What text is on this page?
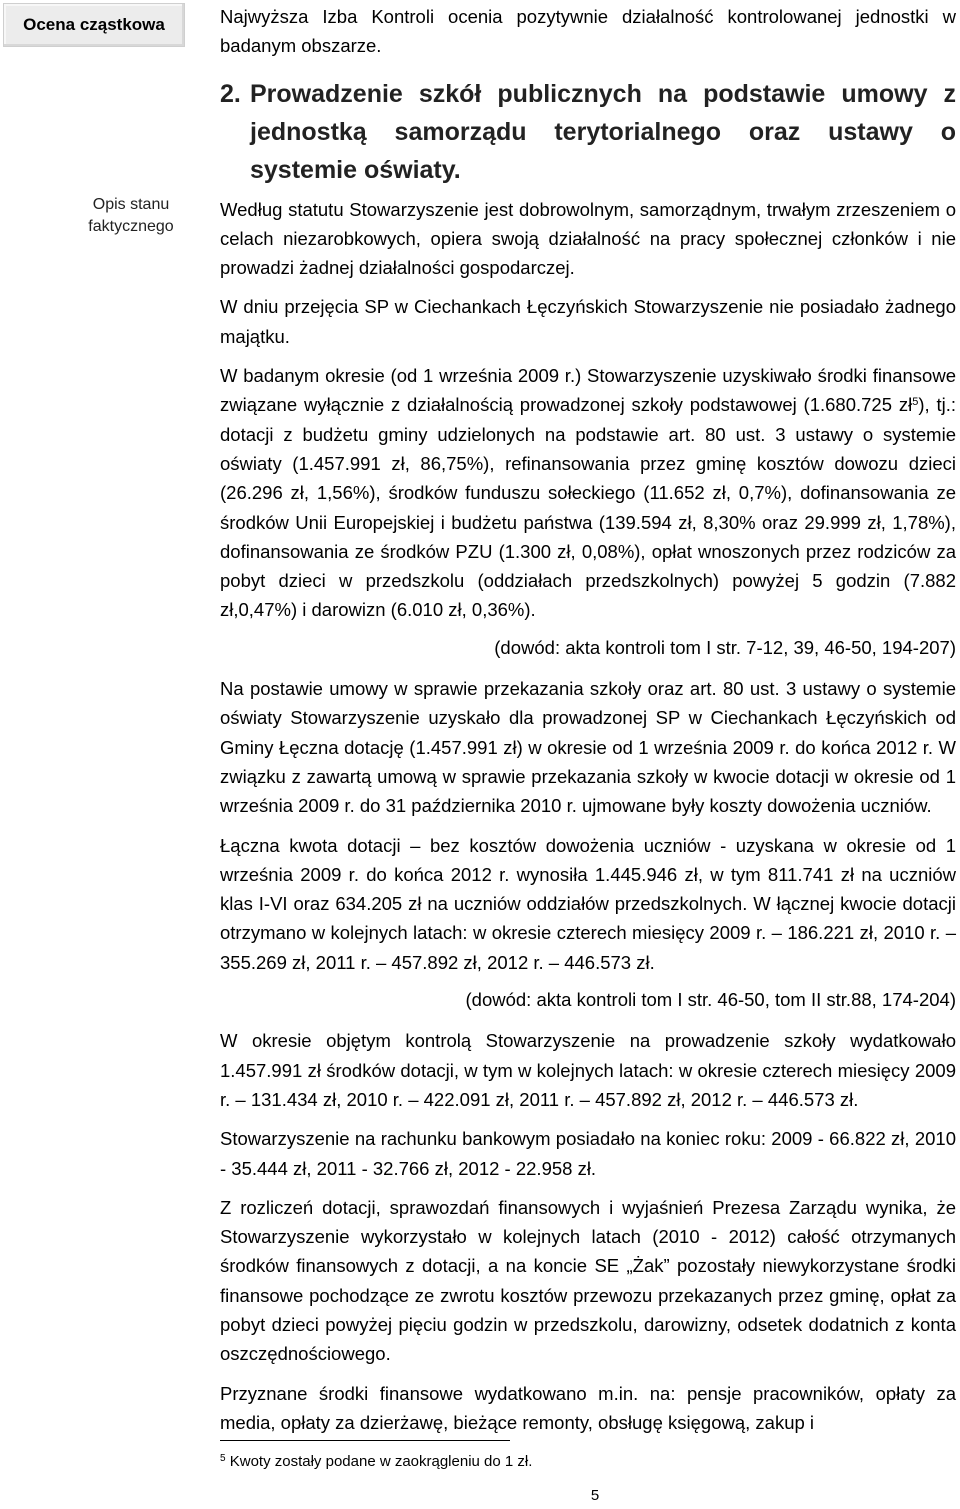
Ocena cząstkowa
Opis stanu faktycznego

Najwyższa Izba Kontroli ocenia pozytywnie działalność kontrolowanej jednostki w badanym obszarze.

2. Prowadzenie szkół publicznych na podstawie umowy z jednostką samorządu terytorialnego oraz ustawy o systemie oświaty.

Według statutu Stowarzyszenie jest dobrowolnym, samorządnym, trwałym zrzeszeniem o celach niezarobkowych, opiera swoją działalność na pracy społecznej członków i nie prowadzi żadnej działalności gospodarczej.

W dniu przejęcia SP w Ciechankach Łęczyńskich Stowarzyszenie nie posiadało żadnego majątku.

W badanym okresie (od 1 września 2009 r.) Stowarzyszenie uzyskiwało środki finansowe związane wyłącznie z działalnością prowadzonej szkoły podstawowej (1.680.725 $zł^5$), tj.: dotacji z budżetu gminy udzielonych na podstawie art. 80 ust. 3 ustawy o systemie oświaty (1.457.991 zł, 86,75%), refinansowania przez gminę kosztów dowozu dzieci (26.296 zł, 1,56%), środków funduszu sołeckiego (11.652 zł, 0,7%), dofinansowania ze środków Unii Europejskiej i budżetu państwa (139.594 zł, 8,30% oraz 29.999 zł, 1,78%), dofinansowania ze środków PZU (1.300 zł, 0,08%), opłat wnoszonych przez rodziców za pobyt dzieci w przedszkolu (oddziałach przedszkolnych) powyżej 5 godzin (7.882 zł,0,47%) i darowizn (6.010 zł, 0,36%).

(dowód: akta kontroli tom I str. 7-12, 39, 46-50, 194-207)

Na postawie umowy w sprawie przekazania szkoły oraz art. 80 ust. 3 ustawy o systemie oświaty Stowarzyszenie uzyskało dla prowadzonej SP w Ciechankach Łęczyńskich od Gminy Łęczna dotację (1.457.991 zł) w okresie od 1 września 2009 r. do końca 2012 r. W związku z zawartą umową w sprawie przekazania szkoły w kwocie dotacji w okresie od 1 września 2009 r. do 31 października 2010 r. ujmowane były koszty dowożenia uczniów.

Łączna kwota dotacji – bez kosztów dowożenia uczniów - uzyskana w okresie od 1 września 2009 r. do końca 2012 r. wynosiła 1.445.946 zł, w tym 811.741 zł na uczniów klas I-VI oraz 634.205 zł na uczniów oddziałów przedszkolnych. W łącznej kwocie dotacji otrzymano w kolejnych latach: w okresie czterech miesięcy 2009 r. – 186.221 zł, 2010 r. – 355.269 zł, 2011 r. – 457.892 zł, 2012 r. – 446.573 zł.

(dowód: akta kontroli tom I str. 46-50, tom II str.88, 174-204)

W okresie objętym kontrolą Stowarzyszenie na prowadzenie szkoły wydatkowało 1.457.991 zł środków dotacji, w tym w kolejnych latach: w okresie czterech miesięcy 2009 r. – 131.434 zł, 2010 r. – 422.091 zł, 2011 r. – 457.892 zł, 2012 r. – 446.573 zł.

Stowarzyszenie na rachunku bankowym posiadało na koniec roku: 2009 - 66.822 zł, 2010 - 35.444 zł, 2011 - 32.766 zł, 2012 - 22.958 zł.

Z rozliczeń dotacji, sprawozdań finansowych i wyjaśnień Prezesa Zarządu wynika, że Stowarzyszenie wykorzystało w kolejnych latach (2010 - 2012) całość otrzymanych środków finansowych z dotacji, a na koncie SE „Żak” pozostały niewykorzystane środki finansowe pochodzące ze zwrotu kosztów przewozu przekazanych przez gminę, opłat za pobyt dzieci powyżej pięciu godzin w przedszkolu, darowizny, odsetek dodatnich z konta oszczędnościowego.

Przyznane środki finansowe wydatkowano m.in. na: pensje pracowników, opłaty za media, opłaty za dzierżawę, bieżące remonty, obsługę księgową, zakup i

$^5$ Kwoty zostały podane w zaokrągleniu do 1 zł.
5
